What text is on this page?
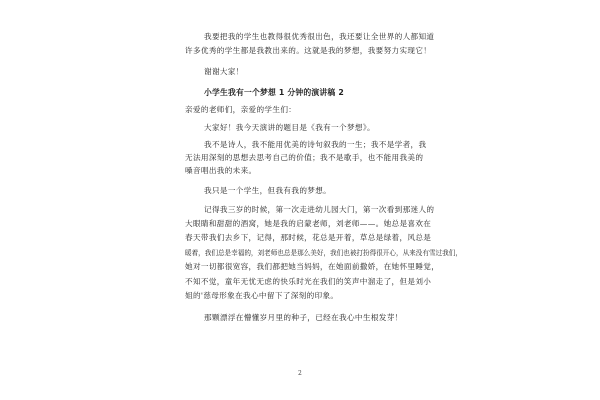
我要把我的学生也教得很优秀很出色，我还要让全世界的人都知道
许多优秀的学生都是我教出来的。这就是我的梦想，我要努力实现它！
谢谢大家！
小学生我有一个梦想 1 分钟的演讲稿 2
亲爱的老师们，亲爱的学生们：
大家好！我今天演讲的题目是《我有一个梦想》。
我不是诗人，我不能用优美的诗句叙我的一生；我不是学者，我
无法用深刻的思想去思考自己的价值；我不是歌手，也不能用我美的
嗓音唱出我的未来。
我只是一个学生，但我有我的梦想。
记得我三岁的时候，第一次走进幼儿园大门，第一次看到那迷人的
大眼睛和甜甜的酒窝，她是我的启蒙老师，刘老师——。她总是喜欢在
春天带我们去乡下，记得，那时候，花总是开着，草总是绿着，风总是
暖着，我们总是幸福的，刘老师也总是那么美好，我们也被打扮得很开心，从来没有雪过我们，
她对一切都很宽容，我们都把她当妈妈，在她面前撒娇，在她怀里睡觉，
不知不觉，童年无忧无虑的快乐时光在我们的笑声中溜走了，但是刘小
姐的'慈母形象在我心中留下了深刻的印象。
那颗漂浮在懵懂岁月里的种子，已经在我心中生根发芽！
2
